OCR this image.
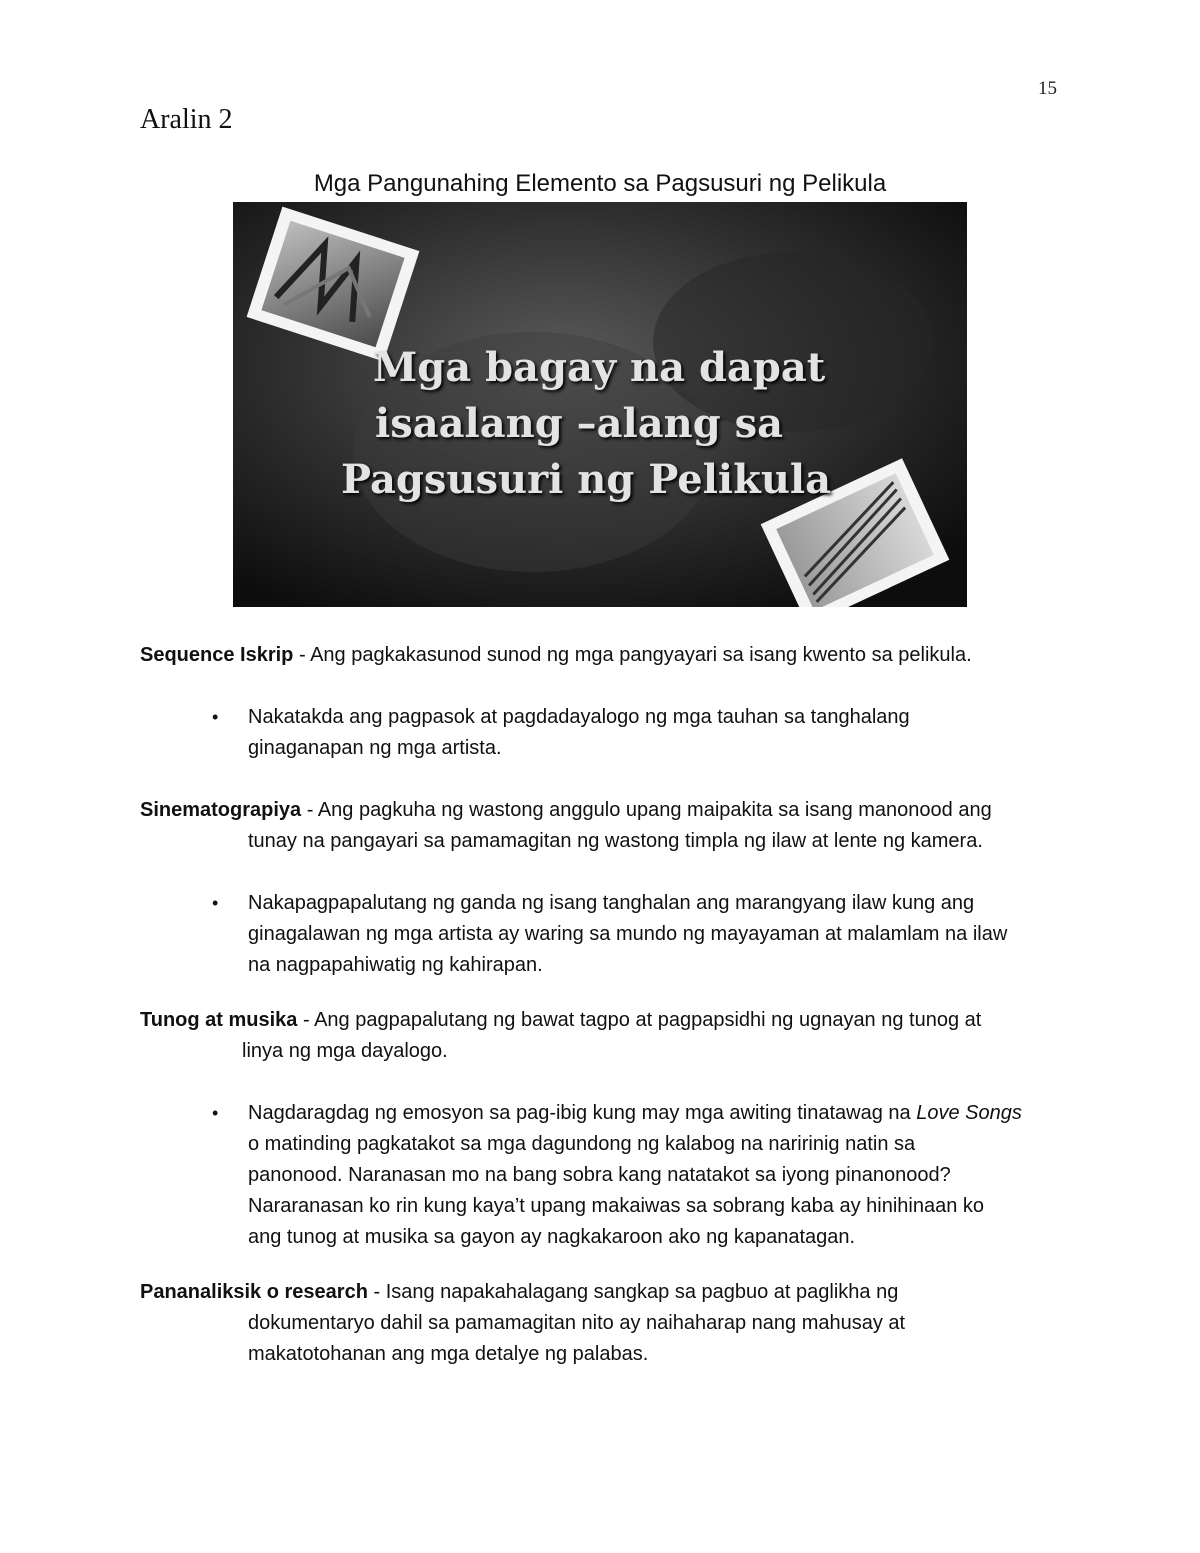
15
Aralin 2
Mga Pangunahing Elemento sa Pagsusuri ng Pelikula
Mga bagay na dapat
isaalang –alang sa
Pagsusuri ng Pelikula

Sequence Iskrip - Ang pagkakasunod sunod ng mga pangyayari sa isang kwento sa pelikula.

• Nakatakda ang pagpasok at pagdadayalogo ng mga tauhan sa tanghalang
ginaganapan ng mga artista.

Sinematograpiya - Ang pagkuha ng wastong anggulo upang maipakita sa isang manonood ang
tunay na pangayari sa pamamagitan ng wastong timpla ng ilaw at lente ng kamera.

• Nakapagpapalutang ng ganda ng isang tanghalan ang marangyang ilaw kung ang
ginagalawan ng mga artista ay waring sa mundo ng mayayaman at malamlam na ilaw
na nagpapahiwatig ng kahirapan.

Tunog at musika - Ang pagpapalutang ng bawat tagpo at pagpapsidhi ng ugnayan ng tunog at
linya ng mga dayalogo.

• Nagdaragdag ng emosyon sa pag-ibig kung may mga awiting tinatawag na Love Songs
o matinding pagkatakot sa mga dagundong ng kalabog na naririnig natin sa
panonood. Naranasan mo na bang sobra kang natatakot sa iyong pinanonood?
Nararanasan ko rin kung kaya’t upang makaiwas sa sobrang kaba ay hinihinaan ko
ang tunog at musika sa gayon ay nagkakaroon ako ng kapanatagan.

Pananaliksik o research - Isang napakahalagang sangkap sa pagbuo at paglikha ng
dokumentaryo dahil sa pamamagitan nito ay naihaharap nang mahusay at
makatotohanan ang mga detalye ng palabas.
